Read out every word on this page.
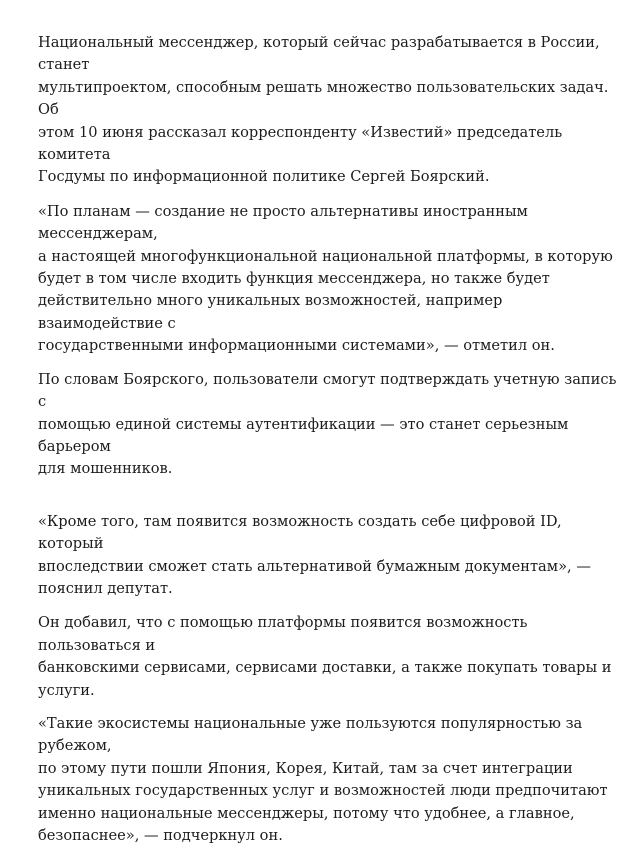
Национальный мессенджер, который сейчас разрабатывается в России, станет
мультипроектом, способным решать множество пользовательских задач. Об
этом 10 июня рассказал корреспонденту «Известий» председатель комитета
Госдумы по информационной политике Сергей Боярский.

«По планам — создание не просто альтернативы иностранным мессенджерам,
а настоящей многофункциональной национальной платформы, в которую
будет в том числе входить функция мессенджера, но также будет
действительно много уникальных возможностей, например взаимодействие с
государственными информационными системами», — отметил он.

По словам Боярского, пользователи смогут подтверждать учетную запись с
помощью единой системы аутентификации — это станет серьезным барьером
для мошенников.

«Кроме того, там появится возможность создать себе цифровой ID, который
впоследствии сможет стать альтернативой бумажным документам», —
пояснил депутат.

Он добавил, что с помощью платформы появится возможность пользоваться и
банковскими сервисами, сервисами доставки, а также покупать товары и
услуги.

«Такие экосистемы национальные уже пользуются популярностью за рубежом,
по этому пути пошли Япония, Корея, Китай, там за счет интеграции
уникальных государственных услуг и возможностей люди предпочитают
именно национальные мессенджеры, потому что удобнее, а главное,
безопаснее», — подчеркнул он.
